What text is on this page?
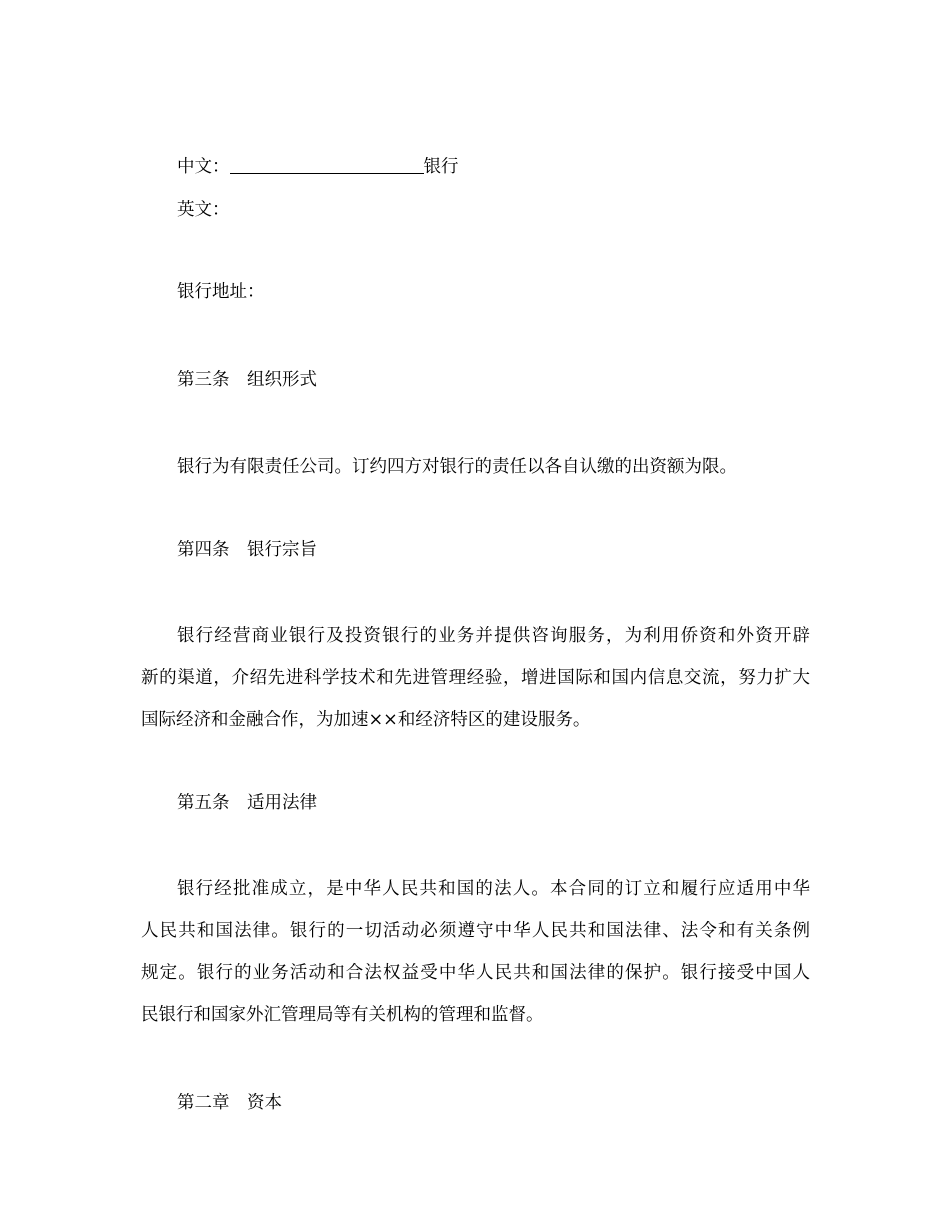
中文：	银行
英文：
银行地址：
第三条　组织形式
银行为有限责任公司。订约四方对银行的责任以各自认缴的出资额为限。
第四条　银行宗旨
银行经营商业银行及投资银行的业务并提供咨询服务，为利用侨资和外资开辟
新的渠道，介绍先进科学技术和先进管理经验，增进国际和国内信息交流，努力扩大
国际经济和金融合作，为加速××和经济特区的建设服务。
第五条　适用法律
银行经批准成立，是中华人民共和国的法人。本合同的订立和履行应适用中华
人民共和国法律。银行的一切活动必须遵守中华人民共和国法律、法令和有关条例
规定。银行的业务活动和合法权益受中华人民共和国法律的保护。银行接受中国人
民银行和国家外汇管理局等有关机构的管理和监督。
第二章　资本
